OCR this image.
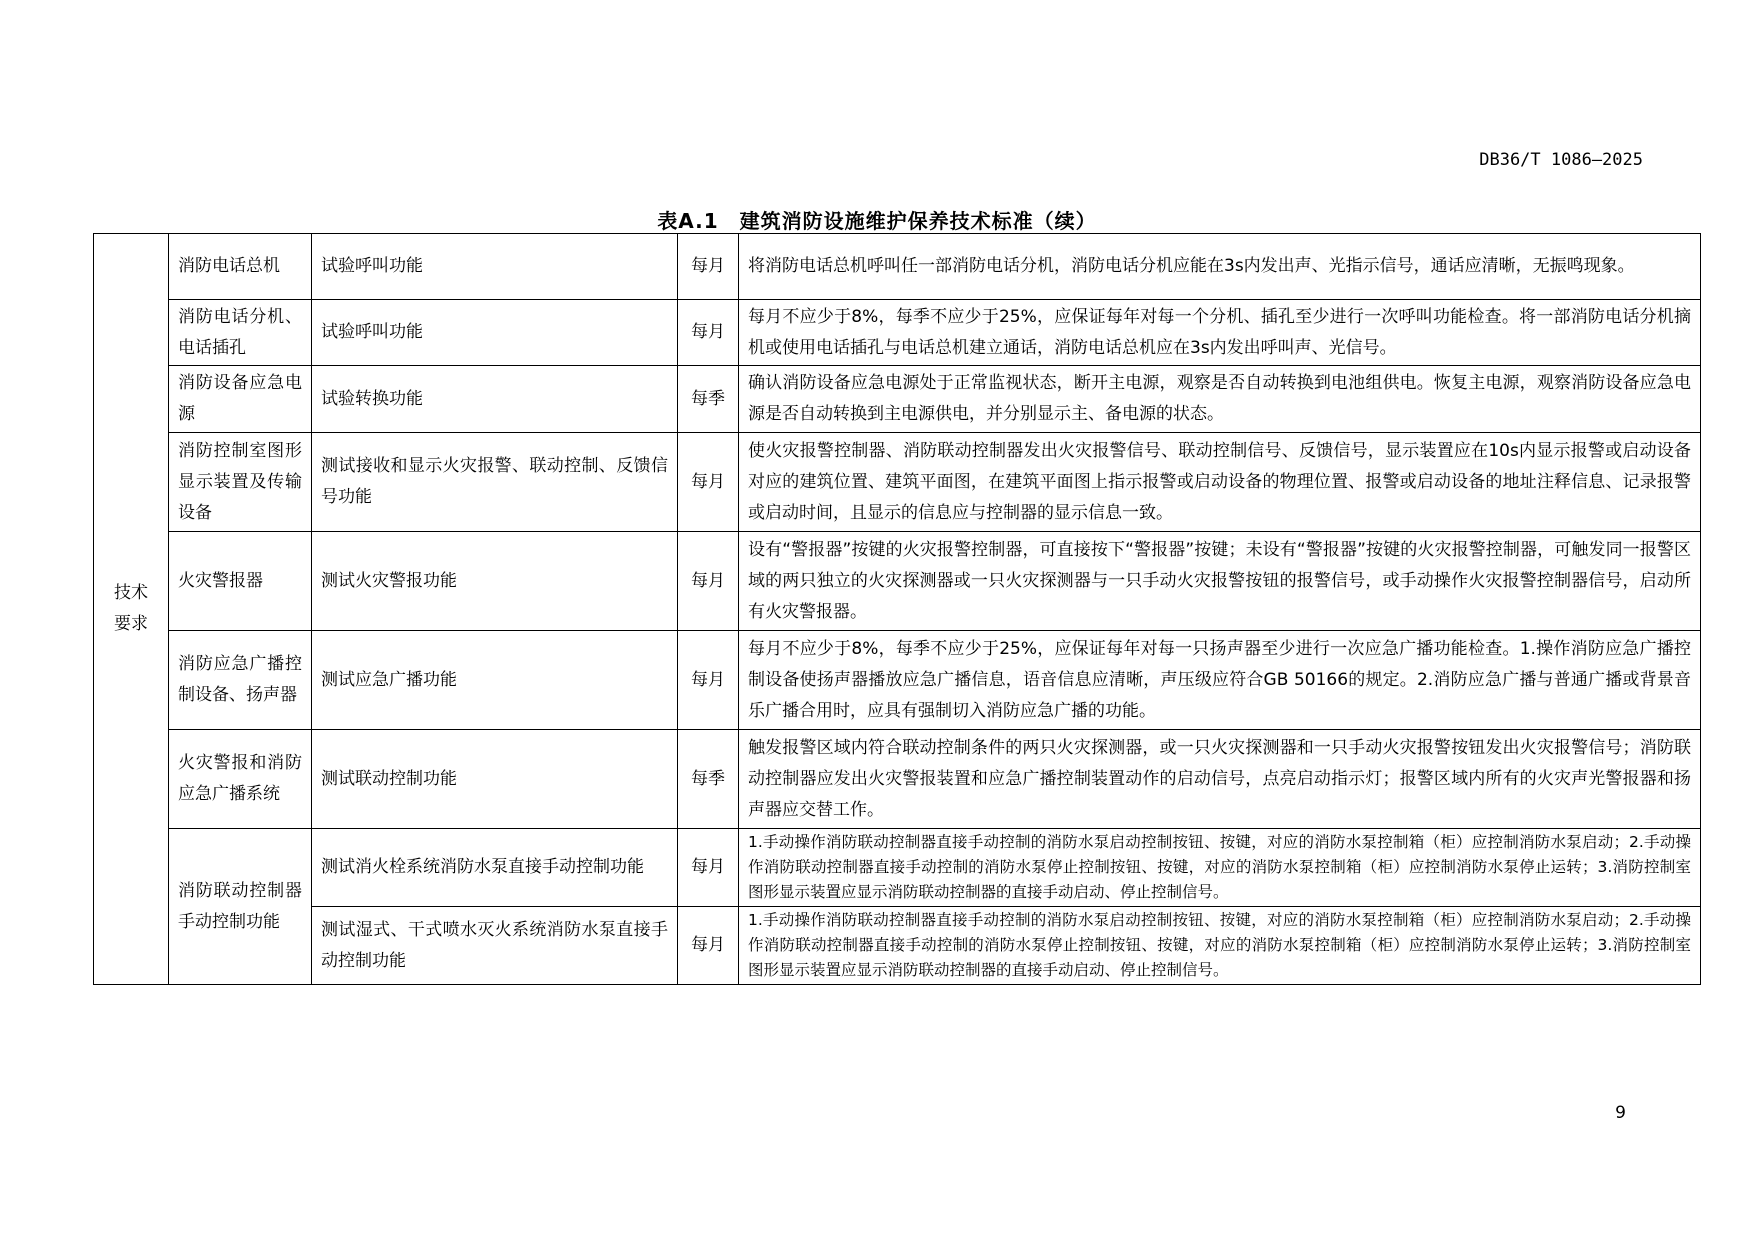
DB36/T 1086—2025
表A.1　建筑消防设施维护保养技术标准（续）
技术
要求	消防电话总机	试验呼叫功能	每月	将消防电话总机呼叫任一部消防电话分机，消防电话分机应能在3s内发出声、光指示信号，通话应清晰，无振鸣现象。
	消防电话分机、电话插孔	试验呼叫功能	每月	每月不应少于8%，每季不应少于25%，应保证每年对每一个分机、插孔至少进行一次呼叫功能检查。将一部消防电话分机摘机或使用电话插孔与电话总机建立通话，消防电话总机应在3s内发出呼叫声、光信号。
	消防设备应急电源	试验转换功能	每季	确认消防设备应急电源处于正常监视状态，断开主电源，观察是否自动转换到电池组供电。恢复主电源，观察消防设备应急电源是否自动转换到主电源供电，并分别显示主、备电源的状态。
	消防控制室图形显示装置及传输设备	测试接收和显示火灾报警、联动控制、反馈信号功能	每月	使火灾报警控制器、消防联动控制器发出火灾报警信号、联动控制信号、反馈信号，显示装置应在10s内显示报警或启动设备对应的建筑位置、建筑平面图，在建筑平面图上指示报警或启动设备的物理位置、报警或启动设备的地址注释信息、记录报警或启动时间，且显示的信息应与控制器的显示信息一致。
	火灾警报器	测试火灾警报功能	每月	设有“警报器”按键的火灾报警控制器，可直接按下“警报器”按键；未设有“警报器”按键的火灾报警控制器，可触发同一报警区域的两只独立的火灾探测器或一只火灾探测器与一只手动火灾报警按钮的报警信号，或手动操作火灾报警控制器信号，启动所有火灾警报器。
	消防应急广播控制设备、扬声器	测试应急广播功能	每月	每月不应少于8%，每季不应少于25%，应保证每年对每一只扬声器至少进行一次应急广播功能检查。1.操作消防应急广播控制设备使扬声器播放应急广播信息，语音信息应清晰，声压级应符合GB 50166的规定。2.消防应急广播与普通广播或背景音乐广播合用时，应具有强制切入消防应急广播的功能。
	火灾警报和消防应急广播系统	测试联动控制功能	每季	触发报警区域内符合联动控制条件的两只火灾探测器，或一只火灾探测器和一只手动火灾报警按钮发出火灾报警信号；消防联动控制器应发出火灾警报装置和应急广播控制装置动作的启动信号，点亮启动指示灯；报警区域内所有的火灾声光警报器和扬声器应交替工作。
	消防联动控制器手动控制功能	测试消火栓系统消防水泵直接手动控制功能	每月	1.手动操作消防联动控制器直接手动控制的消防水泵启动控制按钮、按键，对应的消防水泵控制箱（柜）应控制消防水泵启动；2.手动操作消防联动控制器直接手动控制的消防水泵停止控制按钮、按键，对应的消防水泵控制箱（柜）应控制消防水泵停止运转；3.消防控制室图形显示装置应显示消防联动控制器的直接手动启动、停止控制信号。
		测试湿式、干式喷水灭火系统消防水泵直接手动控制功能	每月	1.手动操作消防联动控制器直接手动控制的消防水泵启动控制按钮、按键，对应的消防水泵控制箱（柜）应控制消防水泵启动；2.手动操作消防联动控制器直接手动控制的消防水泵停止控制按钮、按键，对应的消防水泵控制箱（柜）应控制消防水泵停止运转；3.消防控制室图形显示装置应显示消防联动控制器的直接手动启动、停止控制信号。
9
